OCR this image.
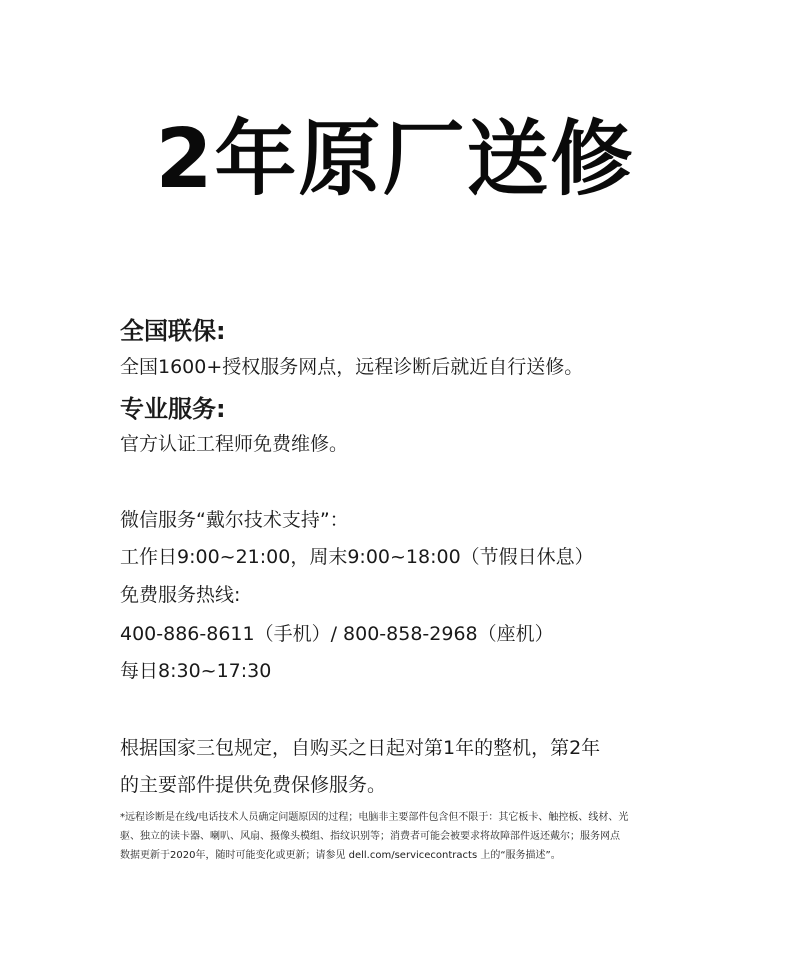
2年原厂送修
全国联保:
全国1600+授权服务网点，远程诊断后就近自行送修。
专业服务:
官方认证工程师免费维修。
微信服务“戴尔技术支持”：
工作日9:00~21:00，周末9:00~18:00（节假日休息）
免费服务热线:
400-886-8611（手机）/ 800-858-2968（座机）
每日8:30~17:30
根据国家三包规定，自购买之日起对第1年的整机，第2年
的主要部件提供免费保修服务。
*远程诊断是在线/电话技术人员确定问题原因的过程；电脑非主要部件包含但不限于：其它板卡、触控板、线材、光
驱、独立的读卡器、喇叭、风扇、摄像头模组、指纹识别等；消费者可能会被要求将故障部件返还戴尔；服务网点
数据更新于2020年，随时可能变化或更新；请参见 dell.com/servicecontracts 上的“服务描述”。
